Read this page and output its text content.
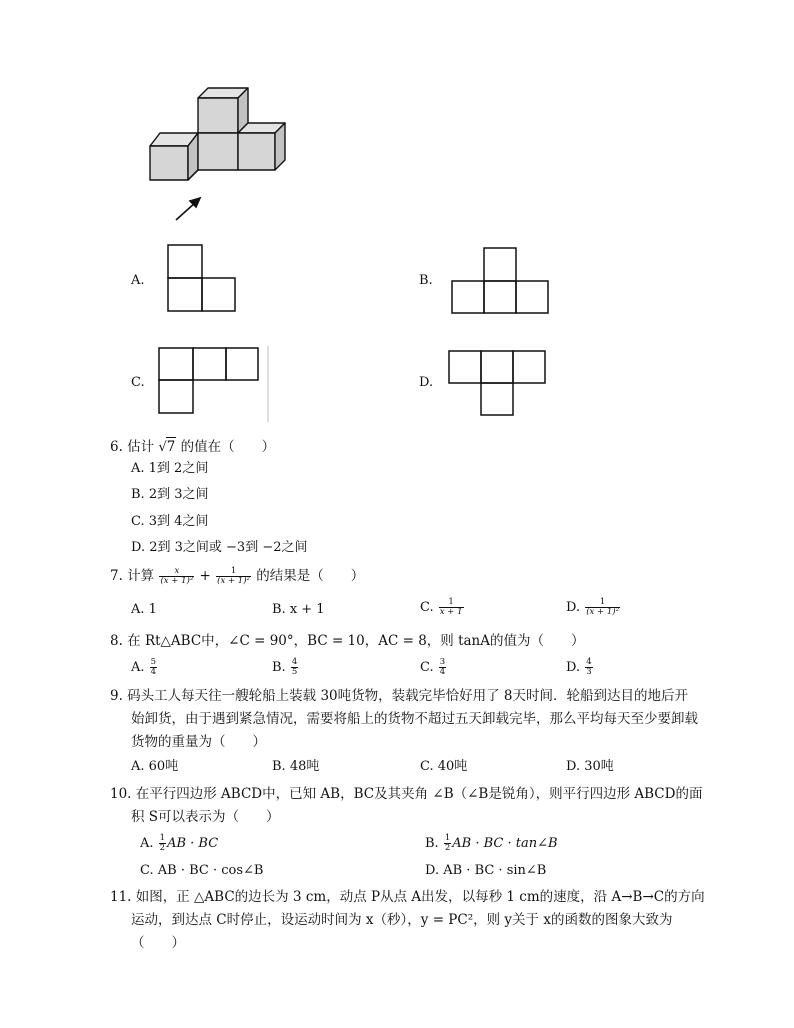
A.	B.
C.	D.
6. 估计 √7 的值在（　　）
A. 1到 2之间
B. 2到 3之间
C. 3到 4之间
D. 2到 3之间或 −3到 −2之间
7. 计算 $\frac{x}{\text{(x + 1)²}} + \frac{1}{\text{(x + 1)²}}$ 的结果是（　　）
A. 1	B. x + 1	C. $\frac{1}{x + 1}$	D. $\frac{1}{\text{(x + 1)²}}$
8. 在 Rt△ABC中，∠C = 90°，BC = 10，AC = 8，则 tanA的值为（　　）
A. $\frac{5}{4}$	B. $\frac{4}{5}$	C. $\frac{3}{4}$	D. $\frac{4}{3}$
9. 码头工人每天往一艘轮船上装载 30吨货物，装载完毕恰好用了 8天时间．轮船到达目的地后开
始卸货，由于遇到紧急情况，需要将船上的货物不超过五天卸载完毕，那么平均每天至少要卸载
货物的重量为（　　）
A. 60吨	B. 48吨	C. 40吨	D. 30吨
10. 在平行四边形 ABCD中，已知 AB，BC及其夹角 ∠B（∠B是锐角），则平行四边形 ABCD的面
积 S可以表示为（　　）
A. $\frac{1}{2}$ AB · BC	B. $\frac{1}{2}$ AB · BC · tan∠B
C. AB · BC · cos∠B	D. AB · BC · sin∠B
11. 如图，正 △ABC的边长为 3 cm，动点 P从点 A出发，以每秒 1 cm的速度，沿 A→B→C的方向
运动，到达点 C时停止，设运动时间为 x（秒），y = PC²，则 y关于 x的函数的图象大致为
（　　）
